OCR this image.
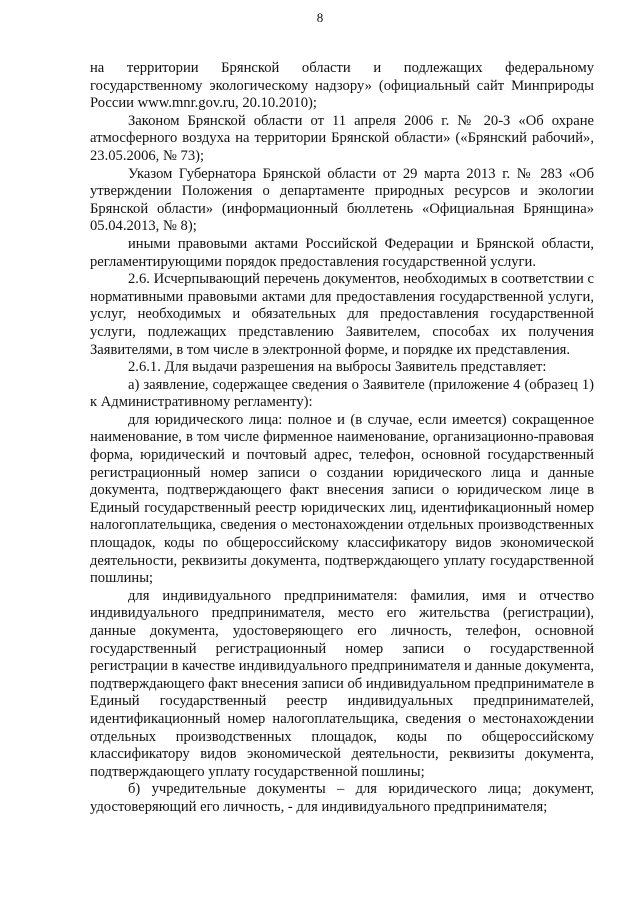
8

на территории Брянской области и подлежащих федеральному государственному экологическому надзору» (официальный сайт Минприроды России www.mnr.gov.ru, 20.10.2010);

Законом Брянской области от 11 апреля 2006 г. № 20-З «Об охране атмосферного воздуха на территории Брянской области» («Брянский рабочий», 23.05.2006, № 73);

Указом Губернатора Брянской области от 29 марта 2013 г. № 283 «Об утверждении Положения о департаменте природных ресурсов и экологии Брянской области» (информационный бюллетень «Официальная Брянщина» 05.04.2013, № 8);

иными правовыми актами Российской Федерации и Брянской области, регламентирующими порядок предоставления государственной услуги.

2.6. Исчерпывающий перечень документов, необходимых в соответствии с нормативными правовыми актами для предоставления государственной услуги, услуг, необходимых и обязательных для предоставления государственной услуги, подлежащих представлению Заявителем, способах их получения Заявителями, в том числе в электронной форме, и порядке их представления.

2.6.1. Для выдачи разрешения на выбросы Заявитель представляет:

а) заявление, содержащее сведения о Заявителе (приложение 4 (образец 1) к Административному регламенту):

для юридического лица: полное и (в случае, если имеется) сокращенное наименование, в том числе фирменное наименование, организационно-правовая форма, юридический и почтовый адрес, телефон, основной государственный регистрационный номер записи о создании юридического лица и данные документа, подтверждающего факт внесения записи о юридическом лице в Единый государственный реестр юридических лиц, идентификационный номер налогоплательщика, сведения о местонахождении отдельных производственных площадок, коды по общероссийскому классификатору видов экономической деятельности, реквизиты документа, подтверждающего уплату государственной пошлины;

для индивидуального предпринимателя: фамилия, имя и отчество индивидуального предпринимателя, место его жительства (регистрации), данные документа, удостоверяющего его личность, телефон, основной государственный регистрационный номер записи о государственной регистрации в качестве индивидуального предпринимателя и данные документа, подтверждающего факт внесения записи об индивидуальном предпринимателе в Единый государственный реестр индивидуальных предпринимателей, идентификационный номер налогоплательщика, сведения о местонахождении отдельных производственных площадок, коды по общероссийскому классификатору видов экономической деятельности, реквизиты документа, подтверждающего уплату государственной пошлины;

б) учредительные документы – для юридического лица; документ, удостоверяющий его личность, - для индивидуального предпринимателя;
